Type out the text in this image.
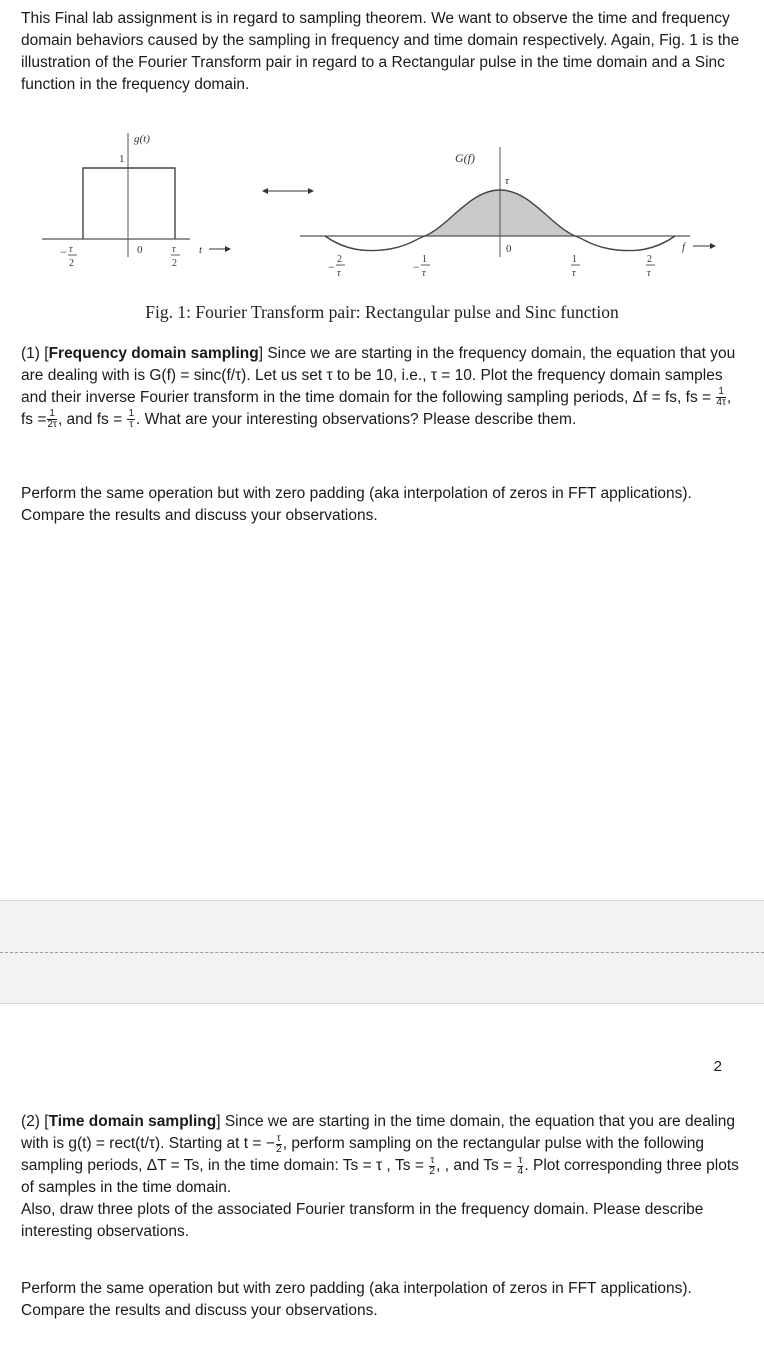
This Final lab assignment is in regard to sampling theorem. We want to observe the time and frequency domain behaviors caused by the sampling in frequency and time domain respectively. Again, Fig. 1 is the illustration of the Fourier Transform pair in regard to a Rectangular pulse in the time domain and a Sinc function in the frequency domain.

g(t)
1
− τ
2
0	τ
2
t
G(f)
τ
0
−
2
τ	−
1
τ
1
τ
2
τ
f
Fig. 1: Fourier Transform pair: Rectangular pulse and Sinc function

(1) [Frequency domain sampling] Since we are starting in the frequency domain, the equation that you are dealing with is G(f) = sinc(f/τ). Let us set τ to be 10, i.e., τ = 10. Plot the frequency domain samples and their inverse Fourier transform in the time domain for the following sampling periods, Δf = fs, fs = $\frac{1}{4\tau}$ , fs = $\frac{1}{2\tau}$ , and fs = $\frac{1}{\tau}$ . What are your interesting observations? Please describe them.

Perform the same operation but with zero padding (aka interpolation of zeros in FFT applications). Compare the results and discuss your observations.

2

(2) [Time domain sampling] Since we are starting in the time domain, the equation that you are dealing with is g(t) = rect(t/τ). Starting at t = − $\frac{\tau}{2}$ , perform sampling on the rectangular pulse with the following sampling periods, ΔT = Ts, in the time domain: Ts = τ , $Ts = \frac{\tau}{2}$ , , and $Ts = \frac{\tau}{4}$ . Plot corresponding three plots of samples in the time domain.
Also, draw three plots of the associated Fourier transform in the frequency domain. Please describe interesting observations.

Perform the same operation but with zero padding (aka interpolation of zeros in FFT applications). Compare the results and discuss your observations.
